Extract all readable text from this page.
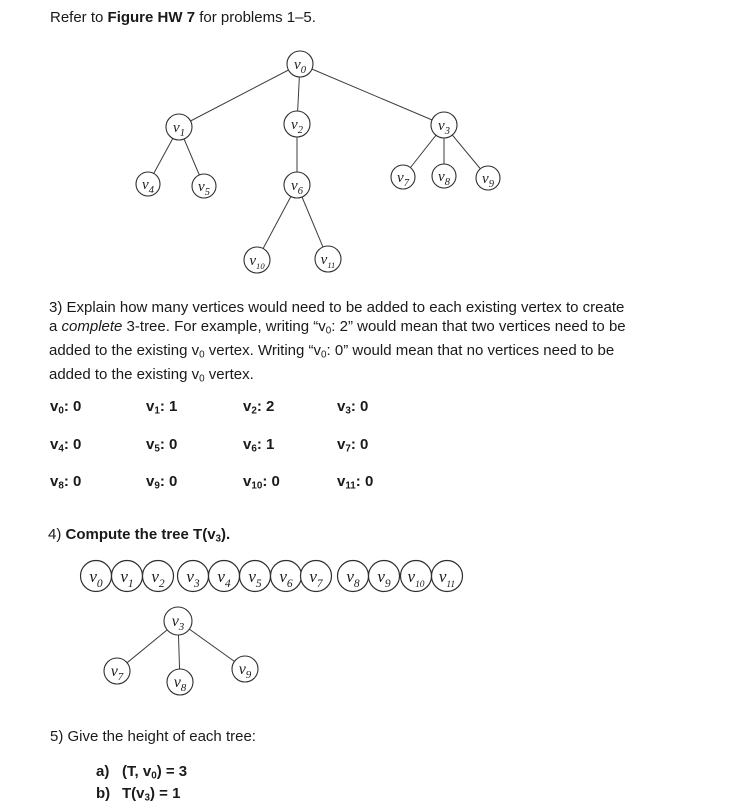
Refer to Figure HW 7 for problems 1–5.
$v_0$
$v_1$
$v_2$	$v_3$
$v_4$	$v_5$	$v_6$
$v_7$ $v_8$ $v_9$
$v_{10}$	$v_{11}$
3) Explain how many vertices would need to be added to each existing vertex to create
a complete 3-tree. For example, writing “$v_0$: 2” would mean that two vertices need to be
added to the existing $v_0$ vertex. Writing “$v_0$: 0” would mean that no vertices need to be
added to the existing $v_0$ vertex.
$v_0$: 0	$v_1$: 1	$v_2$: 2	$v_3$: 0
$v_4$: 0	$v_5$: 0	$v_6$: 1	$v_7$: 0
$v_8$: 0	$v_9$: 0	$v_{10}$: 0	$v_{11}$: 0
4) Compute the tree $T(v_3)$.
$v_0$ $v_1$ $v_2$ $v_3$ $v_4$ $v_5$ $v_6$ $v_7$ $v_8$ $v_9$ $v_{10}$ $v_{11}$
$v_3$
$v_7$	$v_8$
$v_9$
5) Give the height of each tree:
a) (T, $v_0) = 3$
b) $T(v_3) = 1$
